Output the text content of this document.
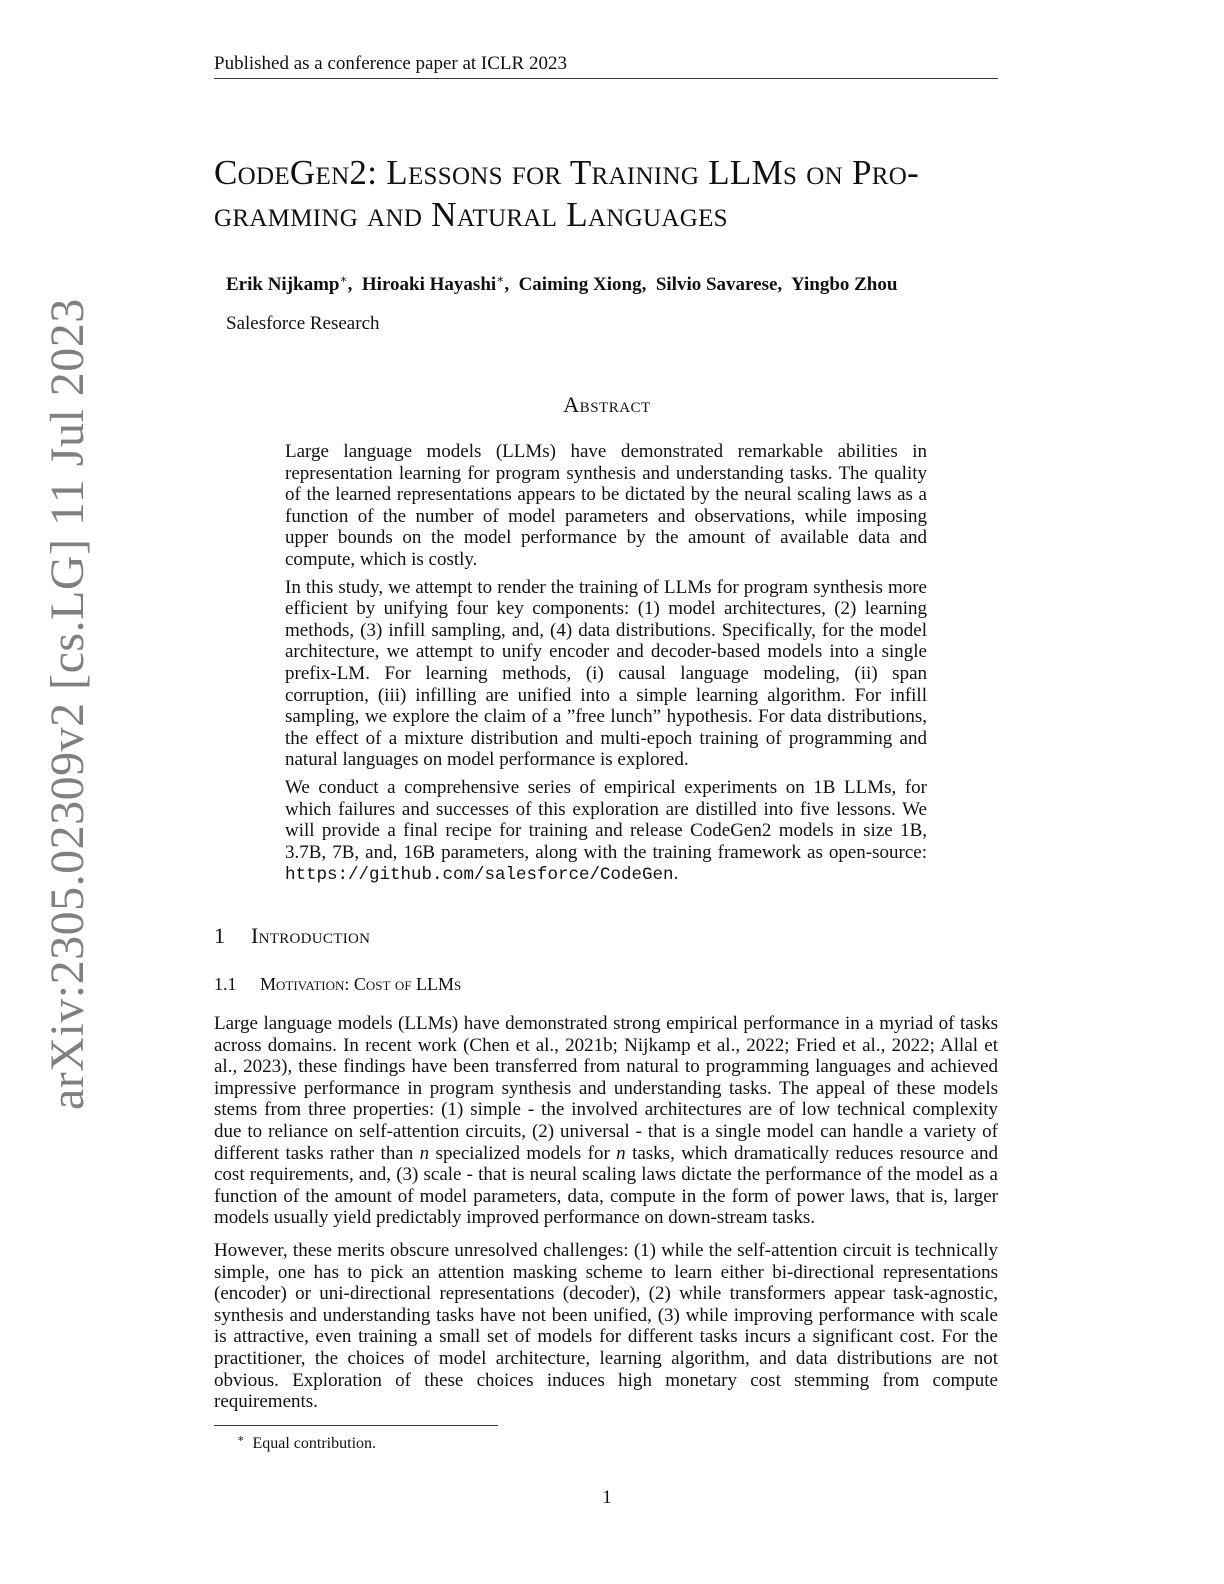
Published as a conference paper at ICLR 2023
arXiv:2305.02309v2 [cs.LG] 11 Jul 2023
CodeGen2: Lessons for Training LLMs on Pro-
gramming and Natural Languages
Erik Nijkamp∗,  Hiroaki Hayashi∗,  Caiming Xiong,  Silvio Savarese,  Yingbo Zhou
Salesforce Research
Abstract

Large language models (LLMs) have demonstrated remarkable abilities in representation learning for program synthesis and understanding tasks. The quality of the learned representations appears to be dictated by the neural scaling laws as a function of the number of model parameters and observations, while imposing upper bounds on the model performance by the amount of available data and compute, which is costly.

In this study, we attempt to render the training of LLMs for program synthesis more efficient by unifying four key components: (1) model architectures, (2) learning methods, (3) infill sampling, and, (4) data distributions. Specifically, for the model architecture, we attempt to unify encoder and decoder-based models into a single prefix-LM. For learning methods, (i) causal language modeling, (ii) span corruption, (iii) infilling are unified into a simple learning algorithm. For infill sampling, we explore the claim of a ”free lunch” hypothesis. For data distributions, the effect of a mixture distribution and multi-epoch training of programming and natural languages on model performance is explored.

We conduct a comprehensive series of empirical experiments on 1B LLMs, for which failures and successes of this exploration are distilled into five lessons. We will provide a final recipe for training and release CodeGen2 models in size 1B, 3.7B, 7B, and, 16B parameters, along with the training framework as open-source: https://github.com/salesforce/CodeGen.

1 Introduction
1.1 Motivation: Cost of LLMs

Large language models (LLMs) have demonstrated strong empirical performance in a myriad of tasks across domains. In recent work (Chen et al., 2021b; Nijkamp et al., 2022; Fried et al., 2022; Allal et al., 2023), these findings have been transferred from natural to programming languages and achieved impressive performance in program synthesis and understanding tasks. The appeal of these models stems from three properties: (1) simple - the involved architectures are of low technical complexity due to reliance on self-attention circuits, (2) universal - that is a single model can handle a variety of different tasks rather than n specialized models for n tasks, which dramatically reduces resource and cost requirements, and, (3) scale - that is neural scaling laws dictate the performance of the model as a function of the amount of model parameters, data, compute in the form of power laws, that is, larger models usually yield predictably improved performance on down-stream tasks.

However, these merits obscure unresolved challenges: (1) while the self-attention circuit is technically simple, one has to pick an attention masking scheme to learn either bi-directional representations (encoder) or uni-directional representations (decoder), (2) while transformers appear task-agnostic, synthesis and understanding tasks have not been unified, (3) while improving performance with scale is attractive, even training a small set of models for different tasks incurs a significant cost. For the practitioner, the choices of model architecture, learning algorithm, and data distributions are not obvious. Exploration of these choices induces high monetary cost stemming from compute requirements.

∗ Equal contribution.
1
